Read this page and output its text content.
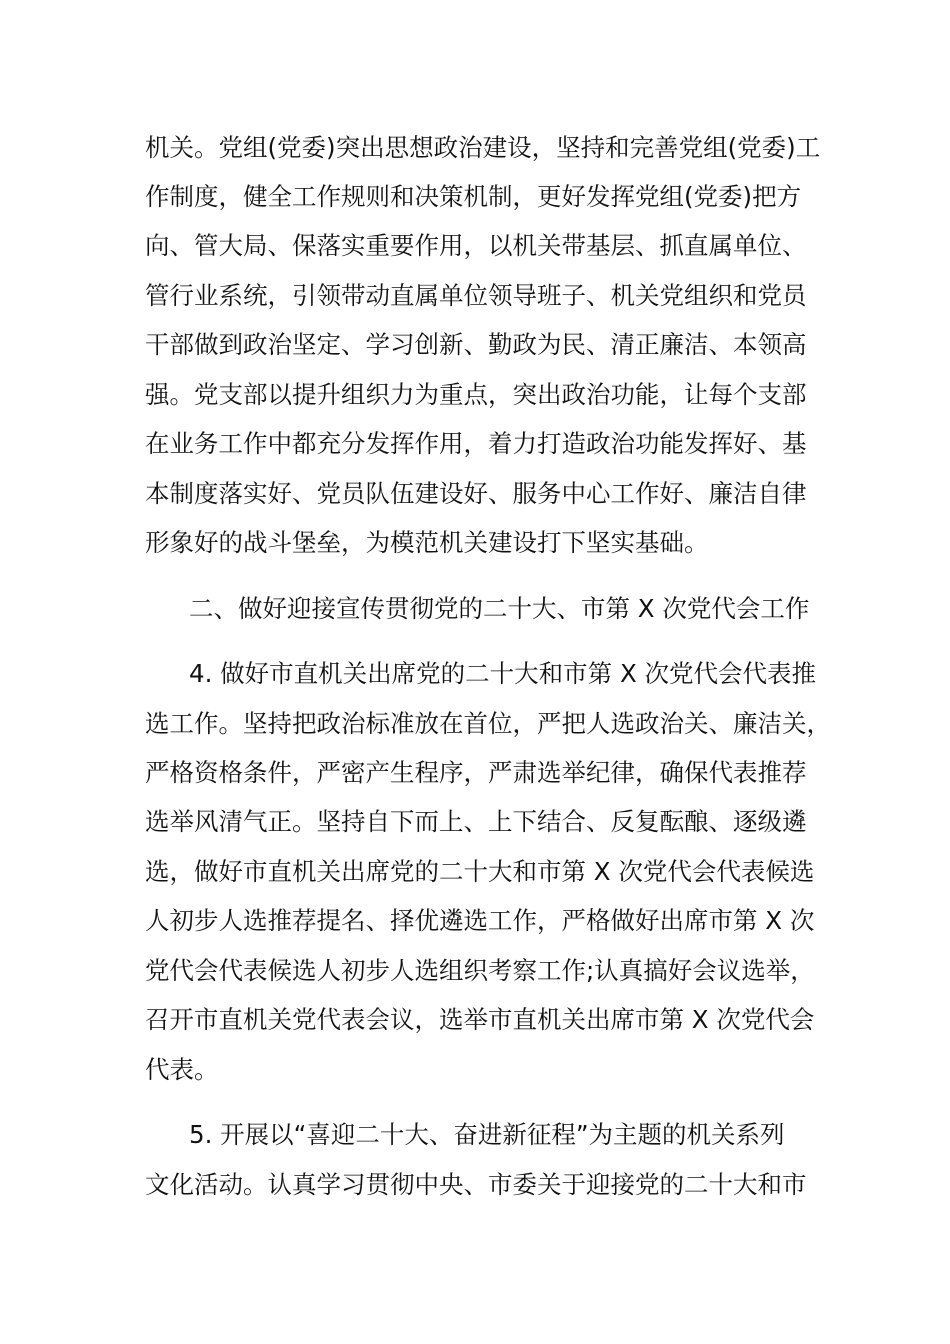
机关。党组(党委)突出思想政治建设，坚持和完善党组(党委)工
作制度，健全工作规则和决策机制，更好发挥党组(党委)把方
向、管大局、保落实重要作用，以机关带基层、抓直属单位、
管行业系统，引领带动直属单位领导班子、机关党组织和党员
干部做到政治坚定、学习创新、勤政为民、清正廉洁、本领高
强。党支部以提升组织力为重点，突出政治功能，让每个支部
在业务工作中都充分发挥作用，着力打造政治功能发挥好、基
本制度落实好、党员队伍建设好、服务中心工作好、廉洁自律
形象好的战斗堡垒，为模范机关建设打下坚实基础。
二、做好迎接宣传贯彻党的二十大、市第 X 次党代会工作
4. 做好市直机关出席党的二十大和市第 X 次党代会代表推
选工作。坚持把政治标准放在首位，严把人选政治关、廉洁关，
严格资格条件，严密产生程序，严肃选举纪律，确保代表推荐
选举风清气正。坚持自下而上、上下结合、反复酝酿、逐级遴
选，做好市直机关出席党的二十大和市第 X 次党代会代表候选
人初步人选推荐提名、择优遴选工作，严格做好出席市第 X 次
党代会代表候选人初步人选组织考察工作;认真搞好会议选举，
召开市直机关党代表会议，选举市直机关出席市第 X 次党代会
代表。
5. 开展以“喜迎二十大、奋进新征程”为主题的机关系列
文化活动。认真学习贯彻中央、市委关于迎接党的二十大和市
